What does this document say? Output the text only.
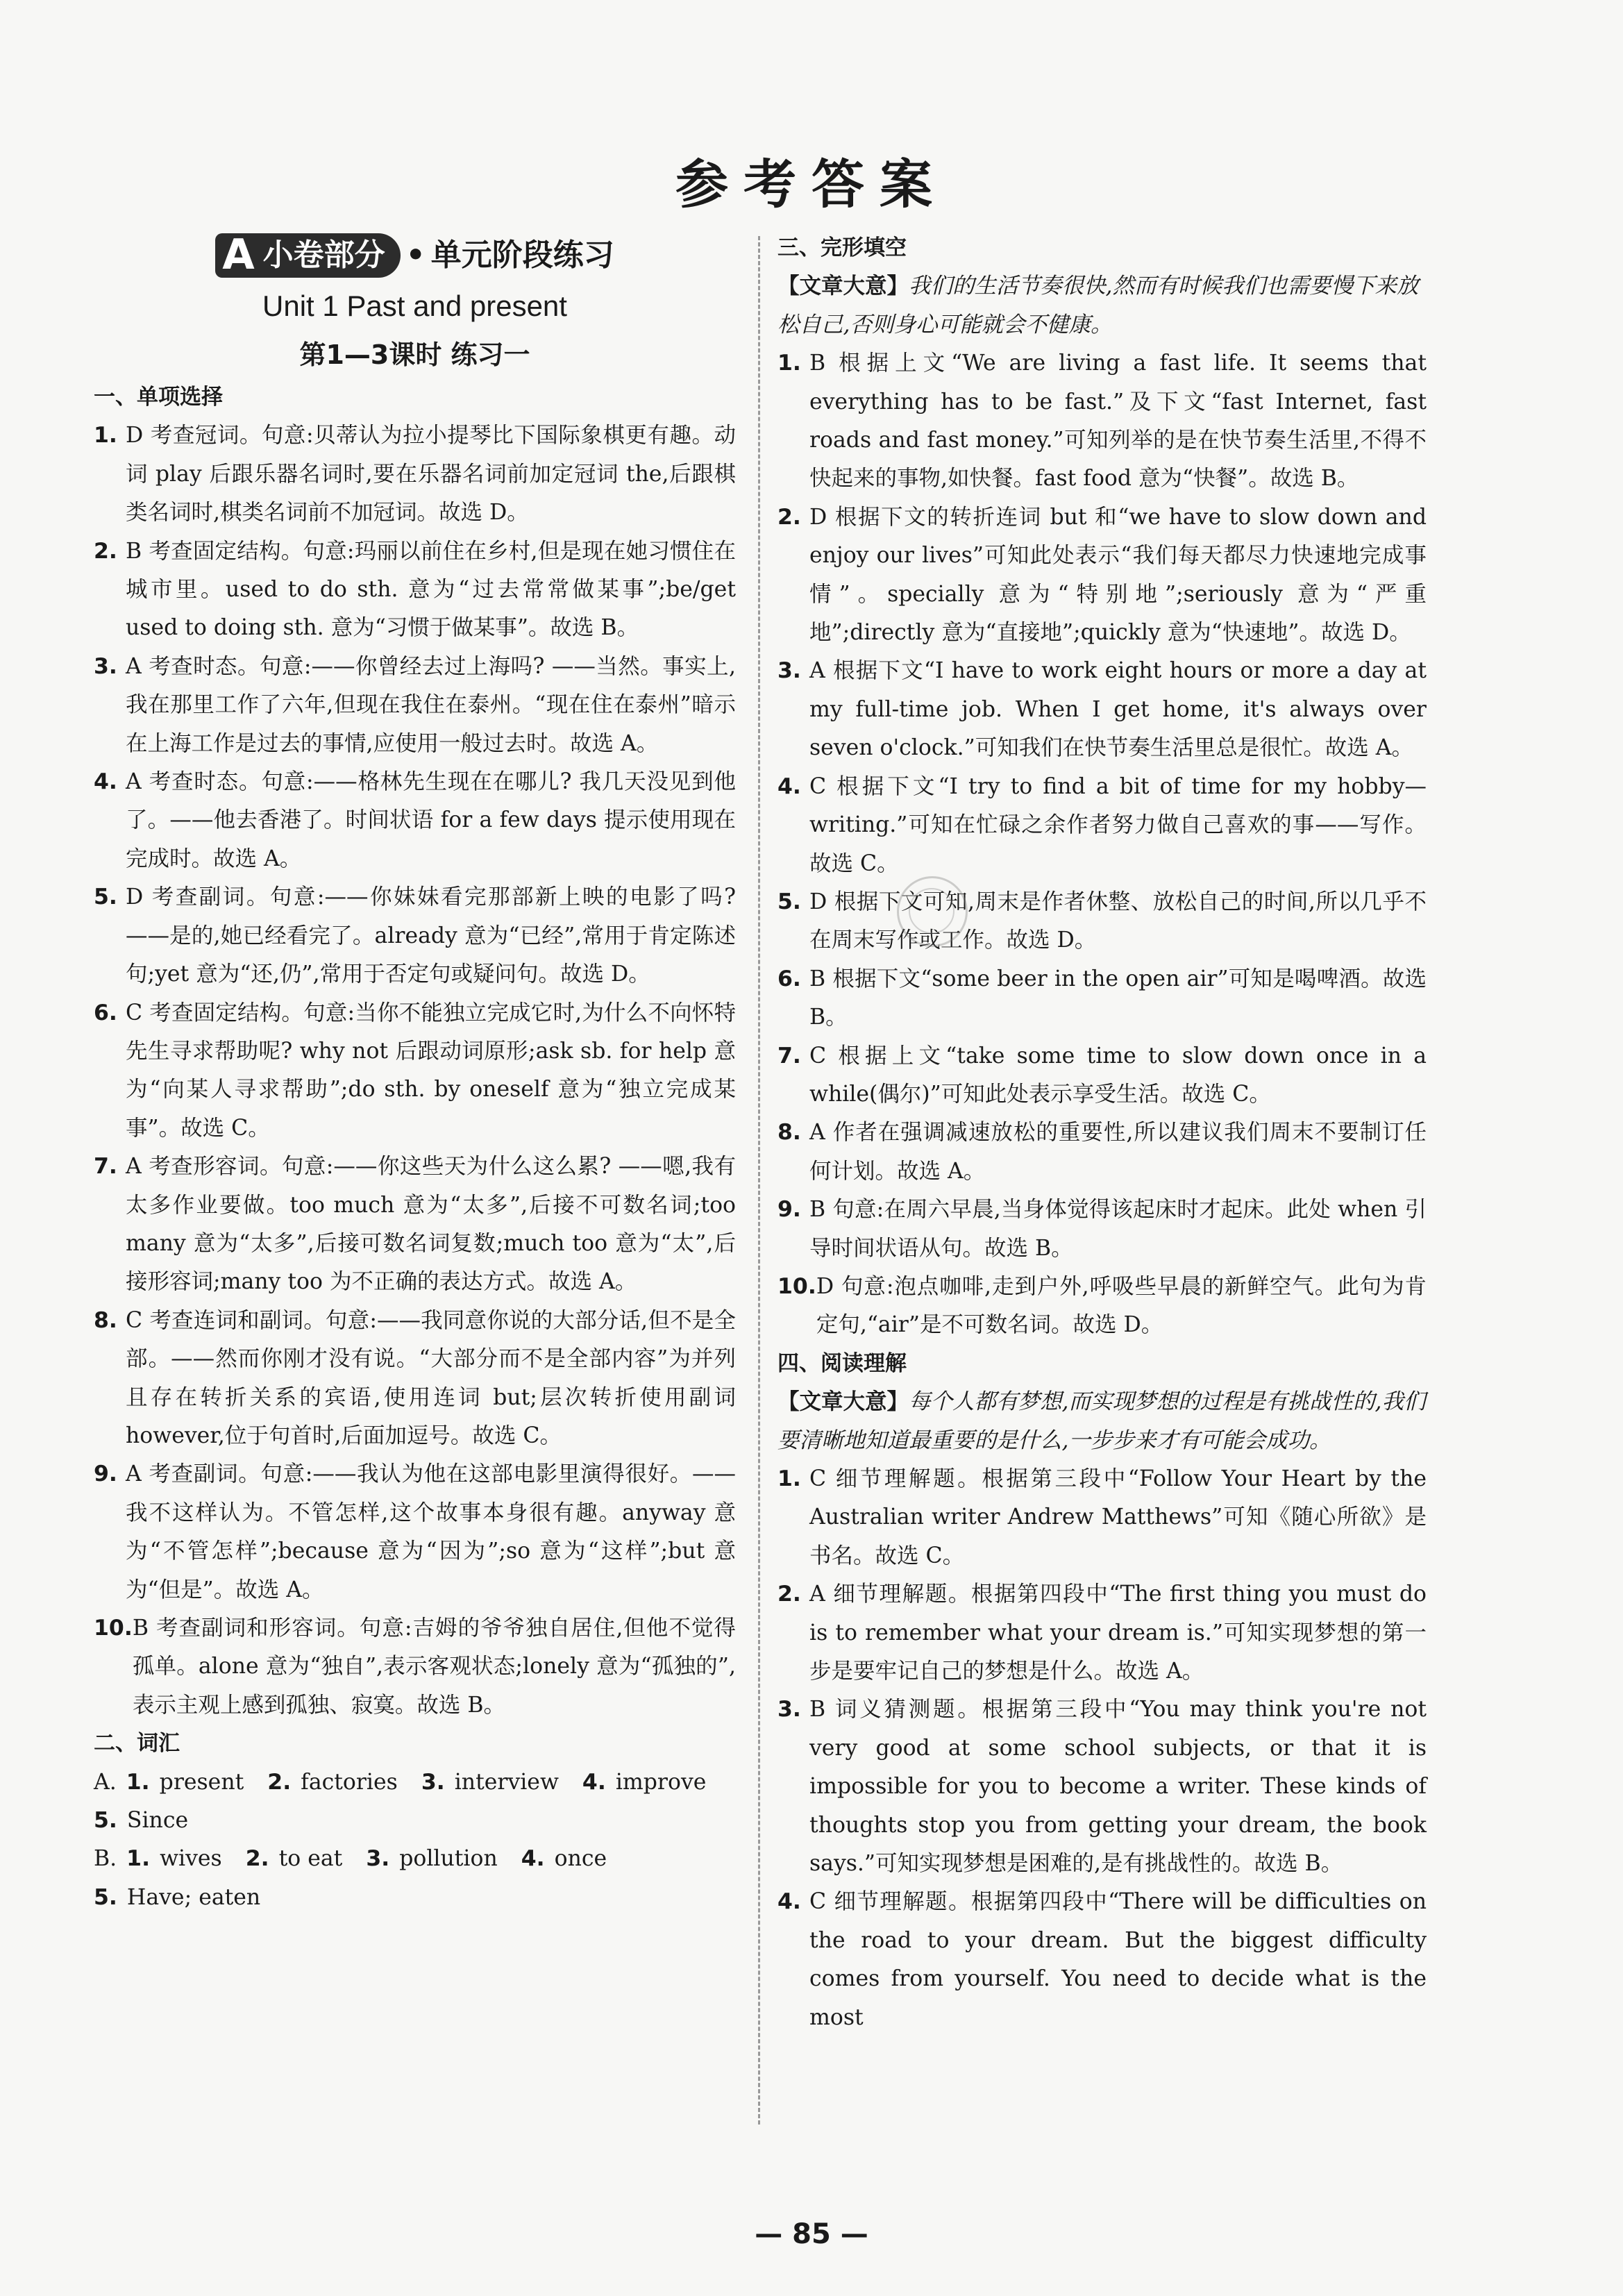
参考答案
A 小卷部分 • 单元阶段练习
Unit 1 Past and present
第1—3课时 练习一
一、单项选择
1. D 考查冠词。句意:贝蒂认为拉小提琴比下国际象棋更有趣。动词 play 后跟乐器名词时,要在乐器名词前加定冠词 the,后跟棋类名词时,棋类名词前不加冠词。故选 D。
2. B 考查固定结构。句意:玛丽以前住在乡村,但是现在她习惯住在城市里。used to do sth. 意为“过去常常做某事”;be/get used to doing sth. 意为“习惯于做某事”。故选 B。
3. A 考查时态。句意:——你曾经去过上海吗? ——当然。事实上,我在那里工作了六年,但现在我住在泰州。“现在住在泰州”暗示在上海工作是过去的事情,应使用一般过去时。故选 A。
4. A 考查时态。句意:——格林先生现在在哪儿? 我几天没见到他了。——他去香港了。时间状语 for a few days 提示使用现在完成时。故选 A。
5. D 考查副词。句意:——你妹妹看完那部新上映的电影了吗? ——是的,她已经看完了。already 意为“已经”,常用于肯定陈述句;yet 意为“还,仍”,常用于否定句或疑问句。故选 D。
6. C 考查固定结构。句意:当你不能独立完成它时,为什么不向怀特先生寻求帮助呢? why not 后跟动词原形;ask sb. for help 意为“向某人寻求帮助”;do sth. by oneself 意为“独立完成某事”。故选 C。
7. A 考查形容词。句意:——你这些天为什么这么累? ——嗯,我有太多作业要做。too much 意为“太多”,后接不可数名词;too many 意为“太多”,后接可数名词复数;much too 意为“太”,后接形容词;many too 为不正确的表达方式。故选 A。
8. C 考查连词和副词。句意:——我同意你说的大部分话,但不是全部。——然而你刚才没有说。“大部分而不是全部内容”为并列且存在转折关系的宾语,使用连词 but;层次转折使用副词 however,位于句首时,后面加逗号。故选 C。
9. A 考查副词。句意:——我认为他在这部电影里演得很好。——我不这样认为。不管怎样,这个故事本身很有趣。anyway 意为“不管怎样”;because 意为“因为”;so 意为“这样”;but 意为“但是”。故选 A。
10. B 考查副词和形容词。句意:吉姆的爷爷独自居住,但他不觉得孤单。alone 意为“独自”,表示客观状态;lonely 意为“孤独的”,表示主观上感到孤独、寂寞。故选 B。
二、词汇
A. 1. present 2. factories 3. interview 4. improve
5. Since
B. 1. wives 2. to eat 3. pollution 4. once
5. Have; eaten
三、完形填空
【文章大意】我们的生活节奏很快,然而有时候我们也需要慢下来放松自己,否则身心可能就会不健康。
1. B 根据上文“We are living a fast life. It seems that everything has to be fast.”及下文“fast Internet, fast roads and fast money.”可知列举的是在快节奏生活里,不得不快起来的事物,如快餐。fast food 意为“快餐”。故选 B。
2. D 根据下文的转折连词 but 和“we have to slow down and enjoy our lives”可知此处表示“我们每天都尽力快速地完成事情”。specially 意为“特别地”;seriously 意为“严重地”;directly 意为“直接地”;quickly 意为“快速地”。故选 D。
3. A 根据下文“I have to work eight hours or more a day at my full-time job. When I get home, it's always over seven o'clock.”可知我们在快节奏生活里总是很忙。故选 A。
4. C 根据下文“I try to find a bit of time for my hobby—writing.”可知在忙碌之余作者努力做自己喜欢的事——写作。故选 C。
5. D 根据下文可知,周末是作者休整、放松自己的时间,所以几乎不在周末写作或工作。故选 D。
6. B 根据下文“some beer in the open air”可知是喝啤酒。故选 B。
7. C 根据上文“take some time to slow down once in a while(偶尔)”可知此处表示享受生活。故选 C。
8. A 作者在强调减速放松的重要性,所以建议我们周末不要制订任何计划。故选 A。
9. B 句意:在周六早晨,当身体觉得该起床时才起床。此处 when 引导时间状语从句。故选 B。
10. D 句意:泡点咖啡,走到户外,呼吸些早晨的新鲜空气。此句为肯定句,“air”是不可数名词。故选 D。
四、阅读理解
【文章大意】每个人都有梦想,而实现梦想的过程是有挑战性的,我们要清晰地知道最重要的是什么,一步步来才有可能会成功。
1. C 细节理解题。根据第三段中“Follow Your Heart by the Australian writer Andrew Matthews”可知《随心所欲》是书名。故选 C。
2. A 细节理解题。根据第四段中“The first thing you must do is to remember what your dream is.”可知实现梦想的第一步是要牢记自己的梦想是什么。故选 A。
3. B 词义猜测题。根据第三段中“You may think you're not very good at some school subjects, or that it is impossible for you to become a writer. These kinds of thoughts stop you from getting your dream, the book says.”可知实现梦想是困难的,是有挑战性的。故选 B。
4. C 细节理解题。根据第四段中“There will be difficulties on the road to your dream. But the biggest difficulty comes from yourself. You need to decide what is the most
— 85 —
